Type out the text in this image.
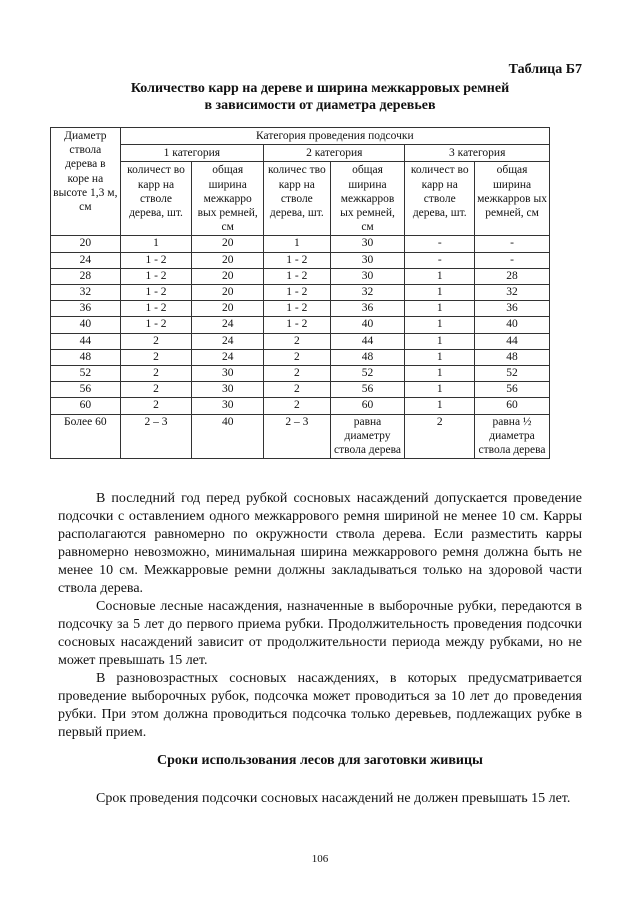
Таблица Б7
Количество карр на дереве и ширина межкарровых ремней
в зависимости от диаметра деревьев
Диаметр ствола дерева в коре на высоте 1,3 м, см	Категория проведения подсочки					
	1 категория		2 категория		3 категория	
	количест во карр на стволе дерева, шт.	общая ширина межкарро вых ремней, см	количес тво карр на стволе дерева, шт.	общая ширина межкарров ых ремней, см	количест во карр на стволе дерева, шт.	общая ширина межкарров ых ремней, см
20	1	20	1	30	-	-
24	1 - 2	20	1 - 2	30	-	-
28	1 - 2	20	1 - 2	30	1	28
32	1 - 2	20	1 - 2	32	1	32
36	1 - 2	20	1 - 2	36	1	36
40	1 - 2	24	1 - 2	40	1	40
44	2	24	2	44	1	44
48	2	24	2	48	1	48
52	2	30	2	52	1	52
56	2	30	2	56	1	56
60	2	30	2	60	1	60
Более 60	2 – 3	40	2 – 3	равна диаметру ствола дерева	2	равна ½ диаметра ствола дерева

В последний год перед рубкой сосновых насаждений допускается проведение подсочки с оставлением одного межкаррового ремня шириной не менее 10 см. Карры располагаются равномерно по окружности ствола дерева. Если разместить карры равномерно невозможно, минимальная ширина межкаррового ремня должна быть не менее 10 см. Межкарровые ремни должны закладываться только на здоровой части ствола дерева.

Сосновые лесные насаждения, назначенные в выборочные рубки, передаются в подсочку за 5 лет до первого приема рубки. Продолжительность проведения подсочки сосновых насаждений зависит от продолжительности периода между рубками, но не может превышать 15 лет.

В разновозрастных сосновых насаждениях, в которых предусматривается проведение выборочных рубок, подсочка может проводиться за 10 лет до проведения рубки. При этом должна проводиться подсочка только деревьев, подлежащих рубке в первый прием.

Сроки использования лесов для заготовки живицы

Срок проведения подсочки сосновых насаждений не должен превышать 15 лет.

106
